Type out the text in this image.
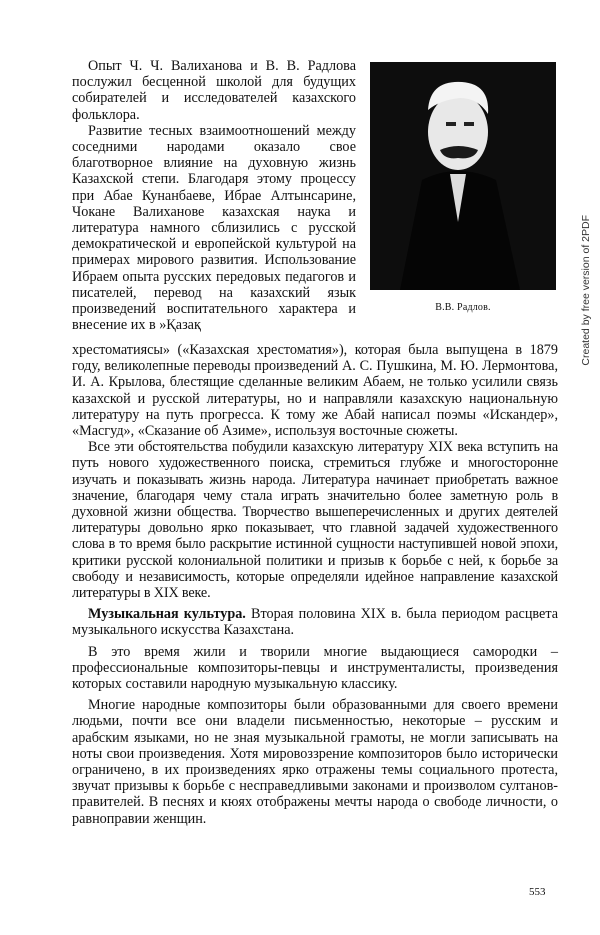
Опыт Ч. Ч. Валиханова и В. В. Радлова послужил бесценной школой для будущих собирателей и исследователей казахского фольклора.

Развитие тесных взаимоотношений между соседними народами оказало свое благотворное влияние на духовную жизнь Казахской степи. Благодаря этому процессу при Абае Кунанбаеве, Ибрае Алтынсарине, Чокане Валиханове казахская наука и литература намного сблизились с русской демократической и европейской культурой на примерах мирового развития. Использование Ибраем опыта русских передовых педагогов и писателей, перевод на казахский язык произведений воспитательного характера и внесение их в »Қазақ

В.В. Радлов.

хрестоматиясы» («Казахская хрестоматия»), которая была выпущена в 1879 году, великолепные переводы произведений А. С. Пушкина, М. Ю. Лермонтова, И. А. Крылова, блестящие сделанные великим Абаем, не только усилили связь казахской и русской литературы, но и направляли казахскую национальную литературу на путь прогресса. К тому же Абай написал поэмы «Искандер», «Масгуд», «Сказание об Азиме», используя восточные сюжеты.

Все эти обстоятельства побудили казахскую литературу XIX века вступить на путь нового художественного поиска, стремиться глубже и многосторонне изучать и показывать жизнь народа. Литература начинает приобретать важное значение, благодаря чему стала играть значительно более заметную роль в духовной жизни общества. Творчество вышеперечисленных и других деятелей литературы довольно ярко показывает, что главной задачей художественного слова в то время было раскрытие истинной сущности наступившей новой эпохи, критики русской колониальной политики и призыв к борьбе с ней, к борьбе за свободу и независимость, которые определяли идейное направление казахской литературы в XIX веке.

Музыкальная культура. Вторая половина XIX в. была периодом расцвета музыкального искусства Казахстана.

В это время жили и творили многие выдающиеся самородки – профессиональные композиторы-певцы и инструменталисты, произведения которых составили народную музыкальную классику.

Многие народные композиторы были образованными для своего времени людьми, почти все они владели письменностью, некоторые – русским и арабским языками, но не зная музыкальной грамоты, не могли записывать на ноты свои произведения. Хотя мировоззрение композиторов было исторически ограничено, в их произведениях ярко отражены темы социального протеста, звучат призывы к борьбе с несправедливыми законами и произволом султанов-правителей. В песнях и кюях отображены мечты народа о свободе личности, о равноправии женщин.

Created by free version of 2PDF
553
